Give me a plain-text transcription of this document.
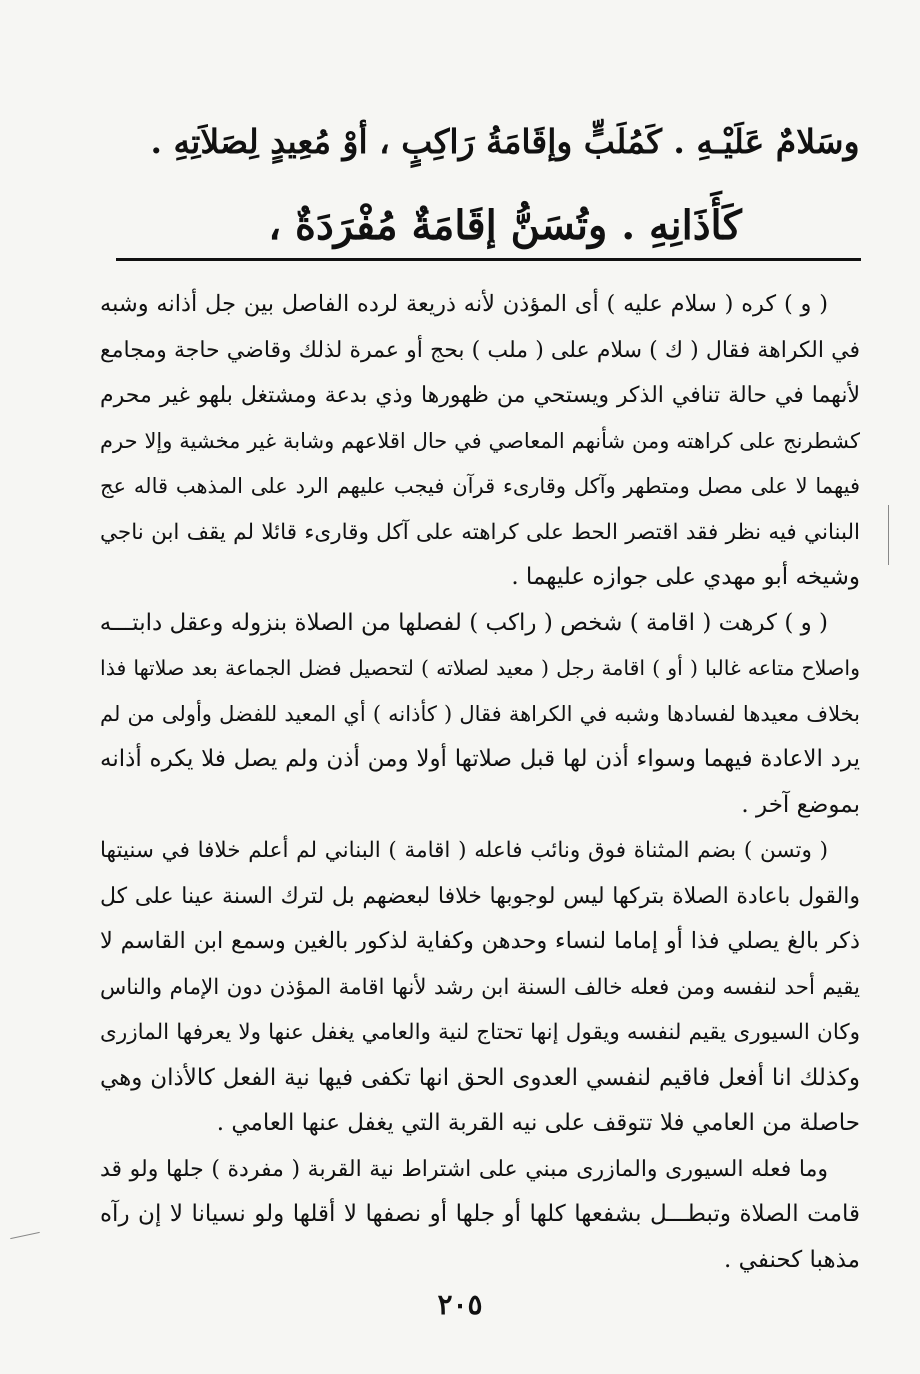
وسَلامٌ عَلَيْـهِ . كَمُلَبٍّ وإقَامَةُ رَاكِبٍ ، أوْ مُعِيدٍ لِصَلاَتِهِ .
كَأَذَانِهِ . وتُسَنُّ إقَامَةٌ مُفْرَدَةٌ ،
( و ) كره ( سلام عليه ) أى المؤذن لأنه ذريعة لرده الفاصل بين جل أذانه وشبه
في الكراهة فقال ( ك ) سلام على ( ملب ) بحج أو عمرة لذلك وقاضي حاجة ومجامع
لأنهما في حالة تنافي الذكر ويستحي من ظهورها وذي بدعة ومشتغل بلهو غير محرم
كشطرنج على كراهته ومن شأنهم المعاصي في حال اقلاعهم وشابة غير مخشية وإلا حرم
فيهما لا على مصل ومتطهر وآكل وقارىء قرآن فيجب عليهم الرد على المذهب قاله عج
البناني فيه نظر فقد اقتصر الحط على كراهته على آكل وقارىء قائلا لم يقف ابن ناجي
وشيخه أبو مهدي على جوازه عليهما .
( و ) كرهت ( اقامة ) شخص ( راكب ) لفصلها من الصلاة بنزوله وعقل دابتـــه
واصلاح متاعه غالبا ( أو ) اقامة رجل ( معيد لصلاته ) لتحصيل فضل الجماعة بعد صلاتها فذا
بخلاف معيدها لفسادها وشبه في الكراهة فقال ( كأذانه ) أي المعيد للفضل وأولى من لم
يرد الاعادة فيهما وسواء أذن لها قبل صلاتها أولا ومن أذن ولم يصل فلا يكره أذانه
بموضع آخر .
( وتسن ) بضم المثناة فوق ونائب فاعله ( اقامة ) البناني لم أعلم خلافا في سنيتها
والقول باعادة الصلاة بتركها ليس لوجوبها خلافا لبعضهم بل لترك السنة عينا على كل
ذكر بالغ يصلي فذا أو إماما لنساء وحدهن وكفاية لذكور بالغين وسمع ابن القاسم لا
يقيم أحد لنفسه ومن فعله خالف السنة ابن رشد لأنها اقامة المؤذن دون الإمام والناس
وكان السيورى يقيم لنفسه ويقول إنها تحتاج لنية والعامي يغفل عنها ولا يعرفها المازرى
وكذلك انا أفعل فاقيم لنفسي العدوى الحق انها تكفى فيها نية الفعل كالأذان وهي
حاصلة من العامي فلا تتوقف على نيه القربة التي يغفل عنها العامي .
وما فعله السيورى والمازرى مبني على اشتراط نية القربة ( مفردة ) جلها ولو قد
قامت الصلاة وتبطـــل بشفعها كلها أو جلها أو نصفها لا أقلها ولو نسيانا لا إن رآه
مذهبا كحنفي .
٢٠٥
